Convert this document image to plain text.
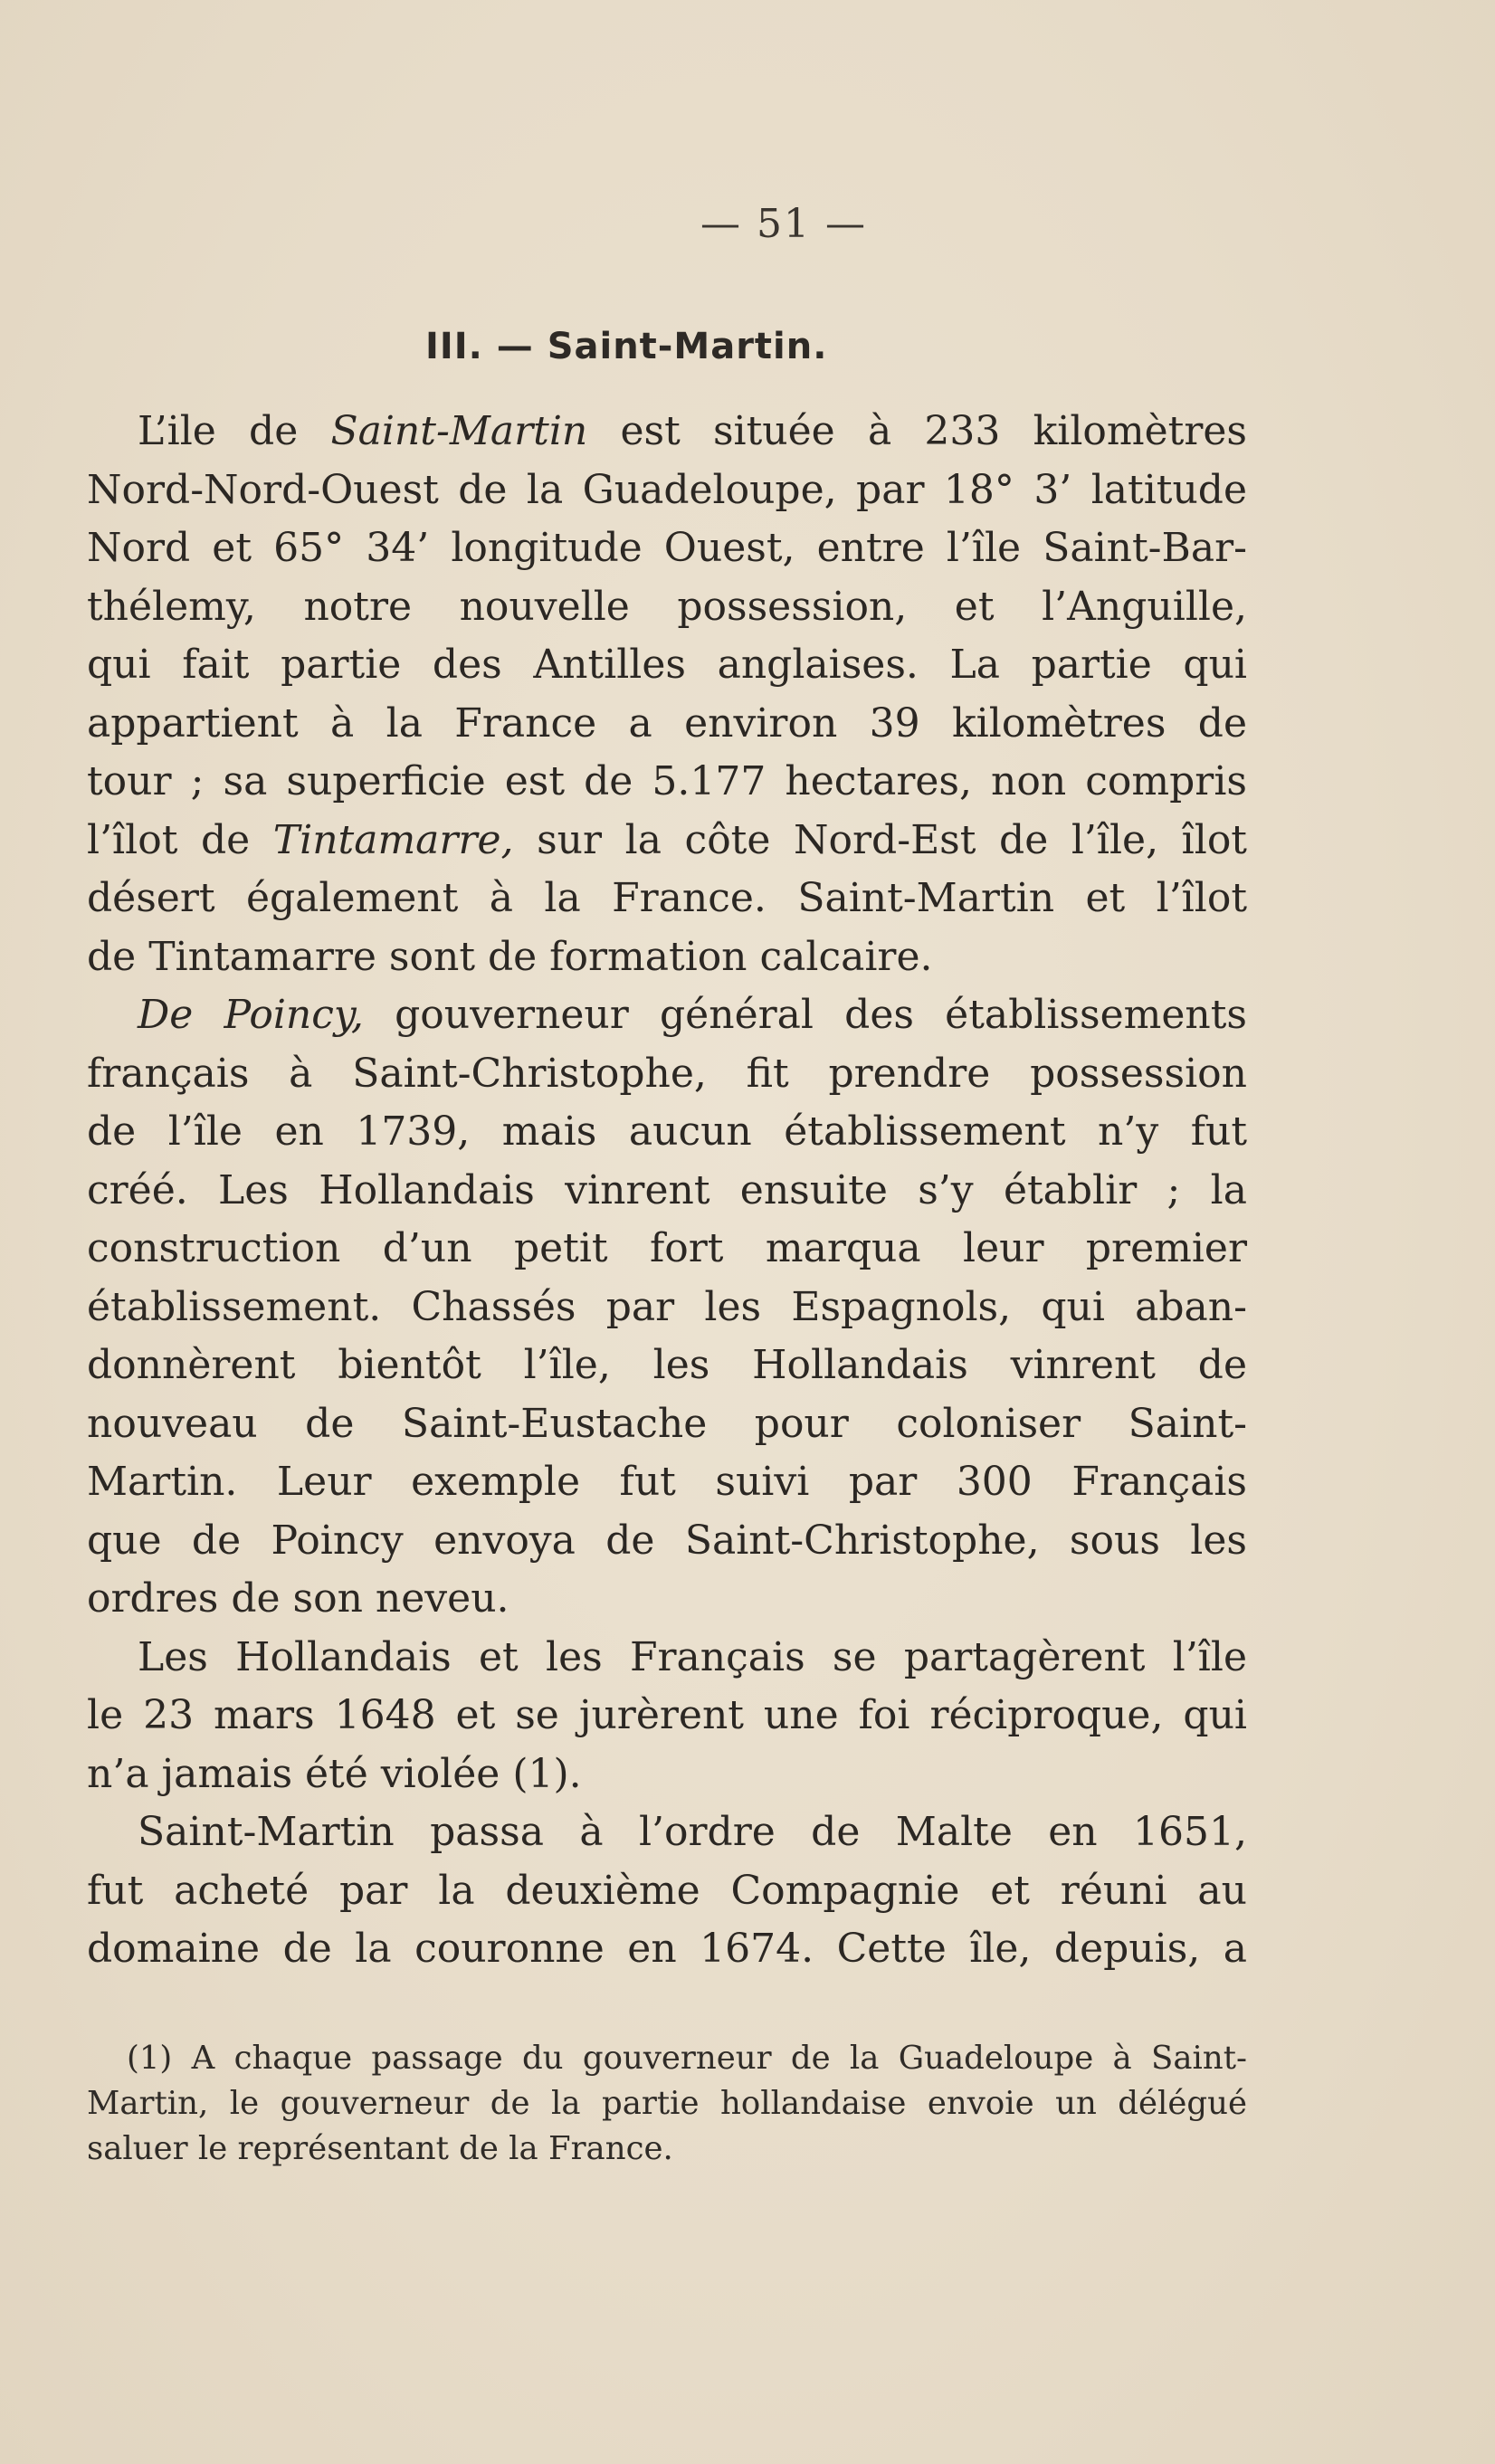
— 51 —
III. — Saint-Martin.
L’ile de Saint-Martin est située à 233 kilomètres
Nord-Nord-Ouest de la Guadeloupe, par 18° 3’ latitude
Nord et 65° 34’ longitude Ouest, entre l’île Saint-Bar-
thélemy, notre nouvelle possession, et l’Anguille,
qui fait partie des Antilles anglaises. La partie qui
appartient à la France a environ 39 kilomètres de
tour ; sa superficie est de 5.177 hectares, non compris
l’îlot de Tintamarre, sur la côte Nord-Est de l’île, îlot
désert également à la France. Saint-Martin et l’îlot
de Tintamarre sont de formation calcaire.
De Poincy, gouverneur général des établissements
français à Saint-Christophe, fit prendre possession
de l’île en 1739, mais aucun établissement n’y fut
créé. Les Hollandais vinrent ensuite s’y établir ; la
construction d’un petit fort marqua leur premier
établissement. Chassés par les Espagnols, qui aban-
donnèrent bientôt l’île, les Hollandais vinrent de
nouveau de Saint-Eustache pour coloniser Saint-
Martin. Leur exemple fut suivi par 300 Français
que de Poincy envoya de Saint-Christophe, sous les
ordres de son neveu.
Les Hollandais et les Français se partagèrent l’île
le 23 mars 1648 et se jurèrent une foi réciproque, qui
n’a jamais été violée (1).
Saint-Martin passa à l’ordre de Malte en 1651,
fut acheté par la deuxième Compagnie et réuni au
domaine de la couronne en 1674. Cette île, depuis, a
(1) A chaque passage du gouverneur de la Guadeloupe à Saint-
Martin, le gouverneur de la partie hollandaise envoie un délégué
saluer le représentant de la France.
